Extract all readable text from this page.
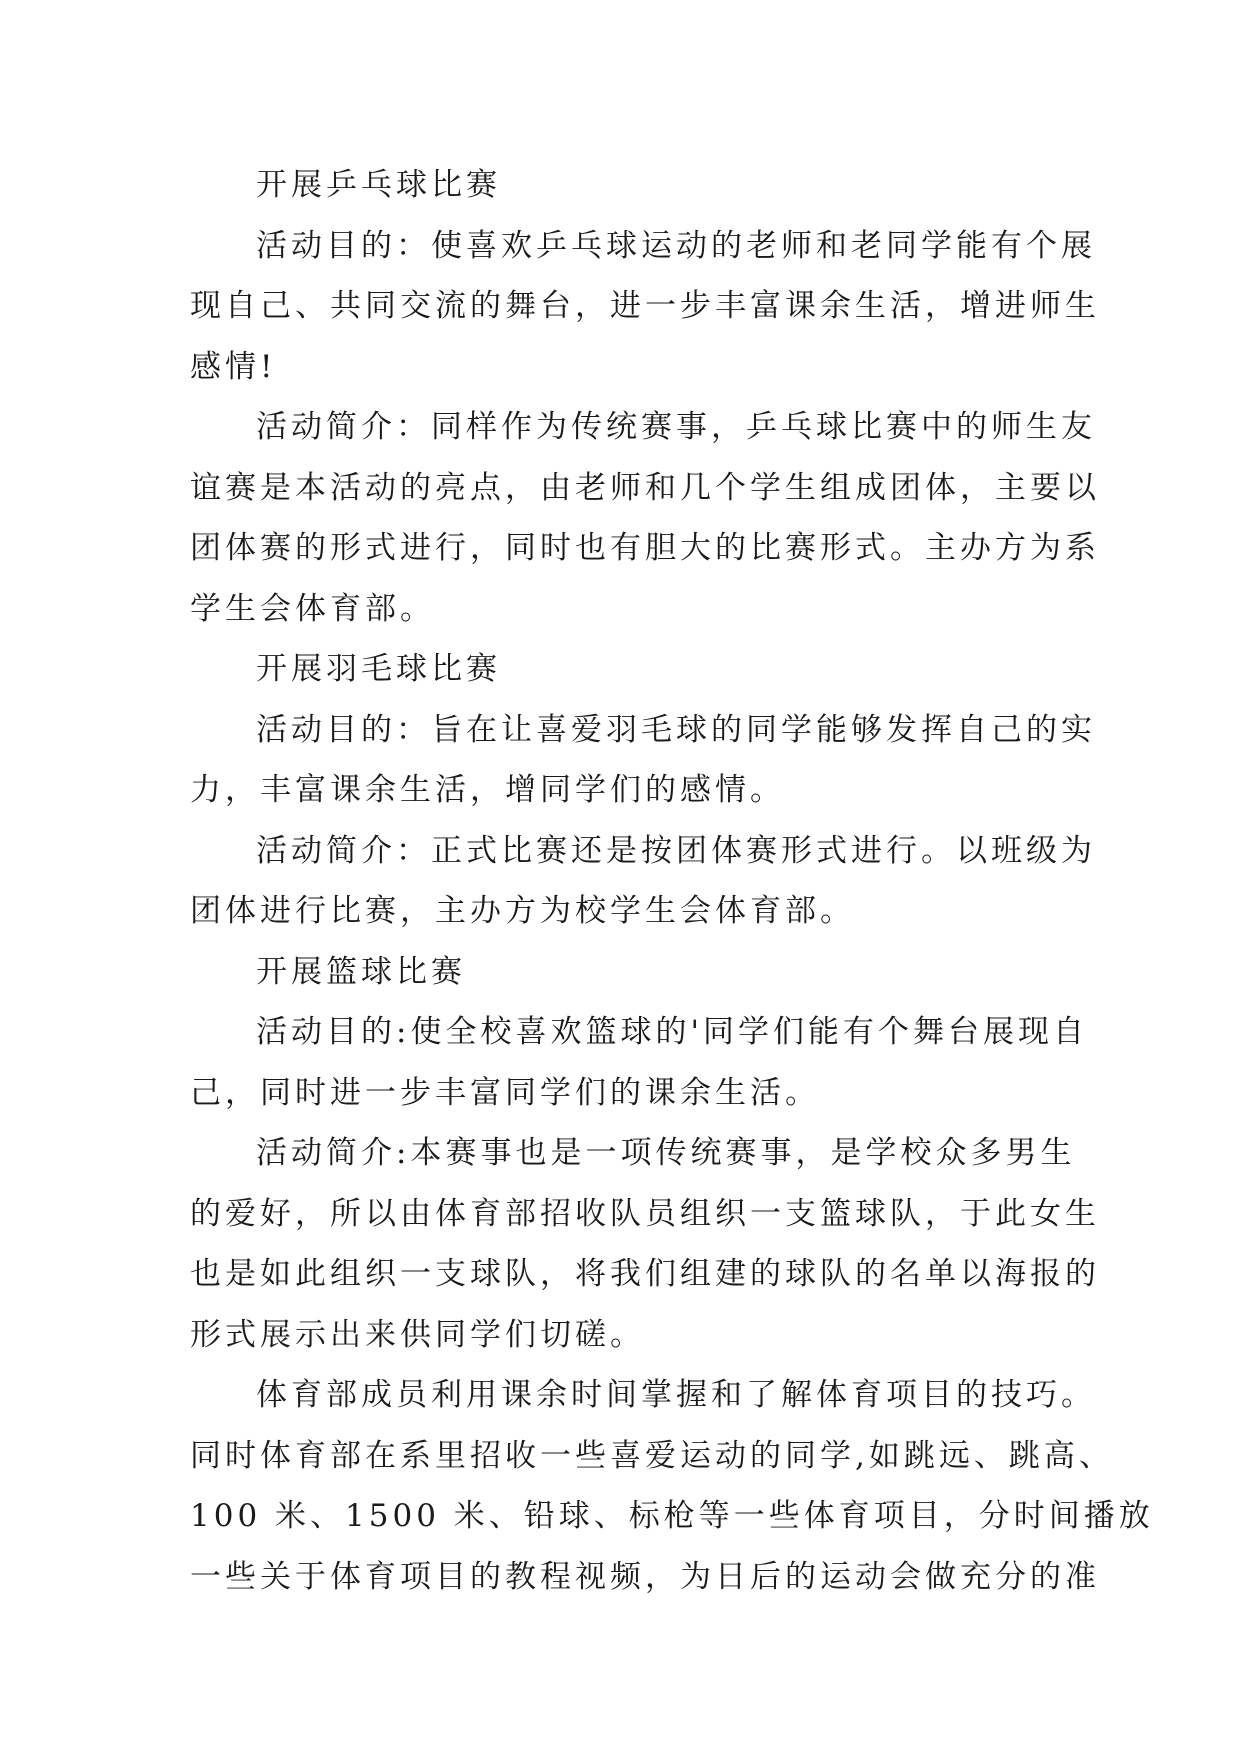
开展乒乓球比赛
活动目的：使喜欢乒乓球运动的老师和老同学能有个展
现自己、共同交流的舞台，进一步丰富课余生活，增进师生
感情!
活动简介：同样作为传统赛事，乒乓球比赛中的师生友
谊赛是本活动的亮点，由老师和几个学生组成团体，主要以
团体赛的形式进行，同时也有胆大的比赛形式。主办方为系
学生会体育部。
开展羽毛球比赛
活动目的：旨在让喜爱羽毛球的同学能够发挥自己的实
力，丰富课余生活，增同学们的感情。
活动简介：正式比赛还是按团体赛形式进行。以班级为
团体进行比赛，主办方为校学生会体育部。
开展篮球比赛
活动目的:使全校喜欢篮球的'同学们能有个舞台展现自
己，同时进一步丰富同学们的课余生活。
活动简介:本赛事也是一项传统赛事，是学校众多男生
的爱好，所以由体育部招收队员组织一支篮球队，于此女生
也是如此组织一支球队，将我们组建的球队的名单以海报的
形式展示出来供同学们切磋。
体育部成员利用课余时间掌握和了解体育项目的技巧。
同时体育部在系里招收一些喜爱运动的同学,如跳远、跳高、
100 米、1500 米、铅球、标枪等一些体育项目，分时间播放
一些关于体育项目的教程视频，为日后的运动会做充分的准
